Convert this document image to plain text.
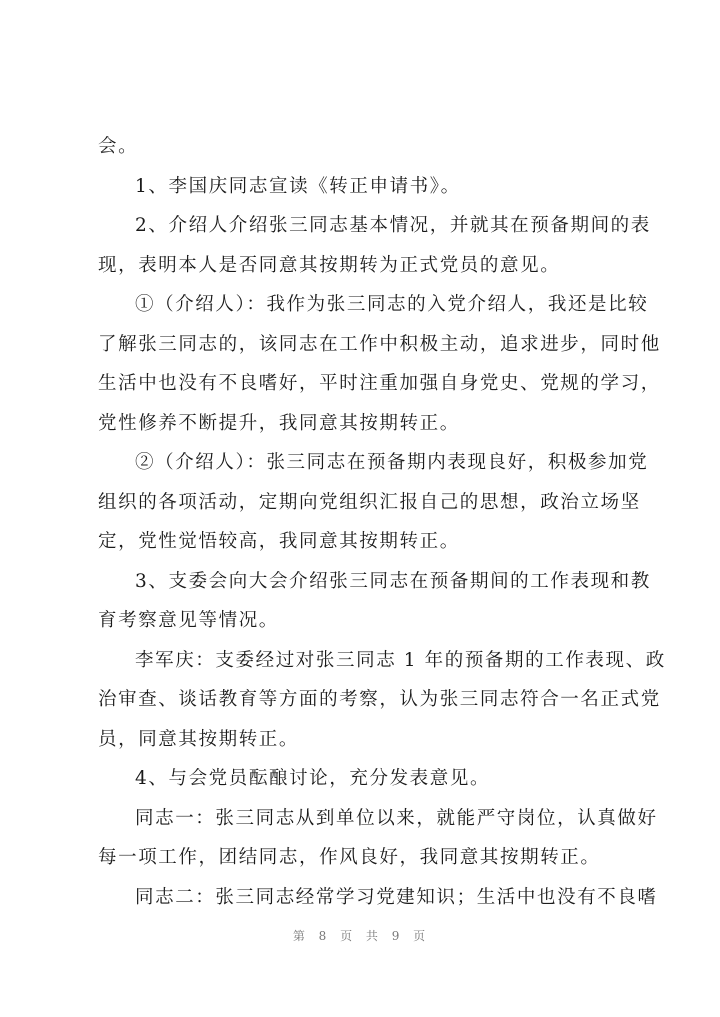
会。
1、李国庆同志宣读《转正申请书》。
2、介绍人介绍张三同志基本情况，并就其在预备期间的表
现，表明本人是否同意其按期转为正式党员的意见。
①（介绍人）：我作为张三同志的入党介绍人，我还是比较
了解张三同志的，该同志在工作中积极主动，追求进步，同时他
生活中也没有不良嗜好，平时注重加强自身党史、党规的学习，
党性修养不断提升，我同意其按期转正。
②（介绍人）：张三同志在预备期内表现良好，积极参加党
组织的各项活动，定期向党组织汇报自己的思想，政治立场坚
定，党性觉悟较高，我同意其按期转正。
3、支委会向大会介绍张三同志在预备期间的工作表现和教
育考察意见等情况。
李军庆：支委经过对张三同志 1 年的预备期的工作表现、政
治审查、谈话教育等方面的考察，认为张三同志符合一名正式党
员，同意其按期转正。
4、与会党员酝酿讨论，充分发表意见。
同志一：张三同志从到单位以来，就能严守岗位，认真做好
每一项工作，团结同志，作风良好，我同意其按期转正。
同志二：张三同志经常学习党建知识；生活中也没有不良嗜
第 8 页 共 9 页
